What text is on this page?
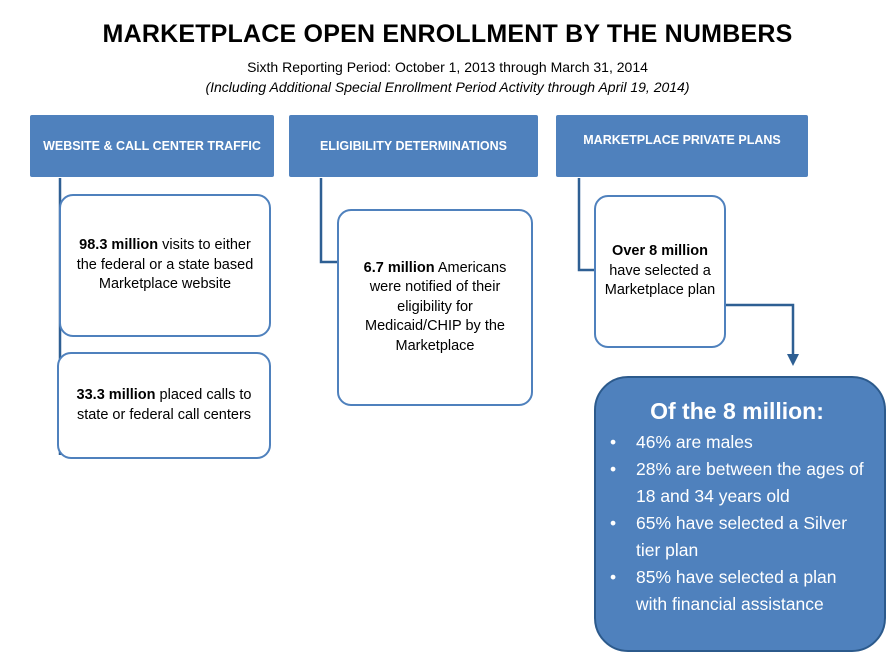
MARKETPLACE OPEN ENROLLMENT BY THE NUMBERS
Sixth Reporting Period: October 1, 2013 through March 31, 2014
(Including Additional Special Enrollment Period Activity through April 19, 2014)
WEBSITE & CALL CENTER TRAFFIC	ELIGIBILITY DETERMINATIONS	MARKETPLACE PRIVATE PLANS
98.3 million visits to either the federal or a state based Marketplace website
33.3 million placed calls to state or federal call centers
6.7 million Americans were notified of their eligibility for Medicaid/CHIP by the Marketplace
Over 8 million have selected a Marketplace plan
Of the 8 million:
• 46% are males
• 28% are between the ages of 18 and 34 years old
• 65% have selected a Silver tier plan
• 85% have selected a plan with financial assistance
